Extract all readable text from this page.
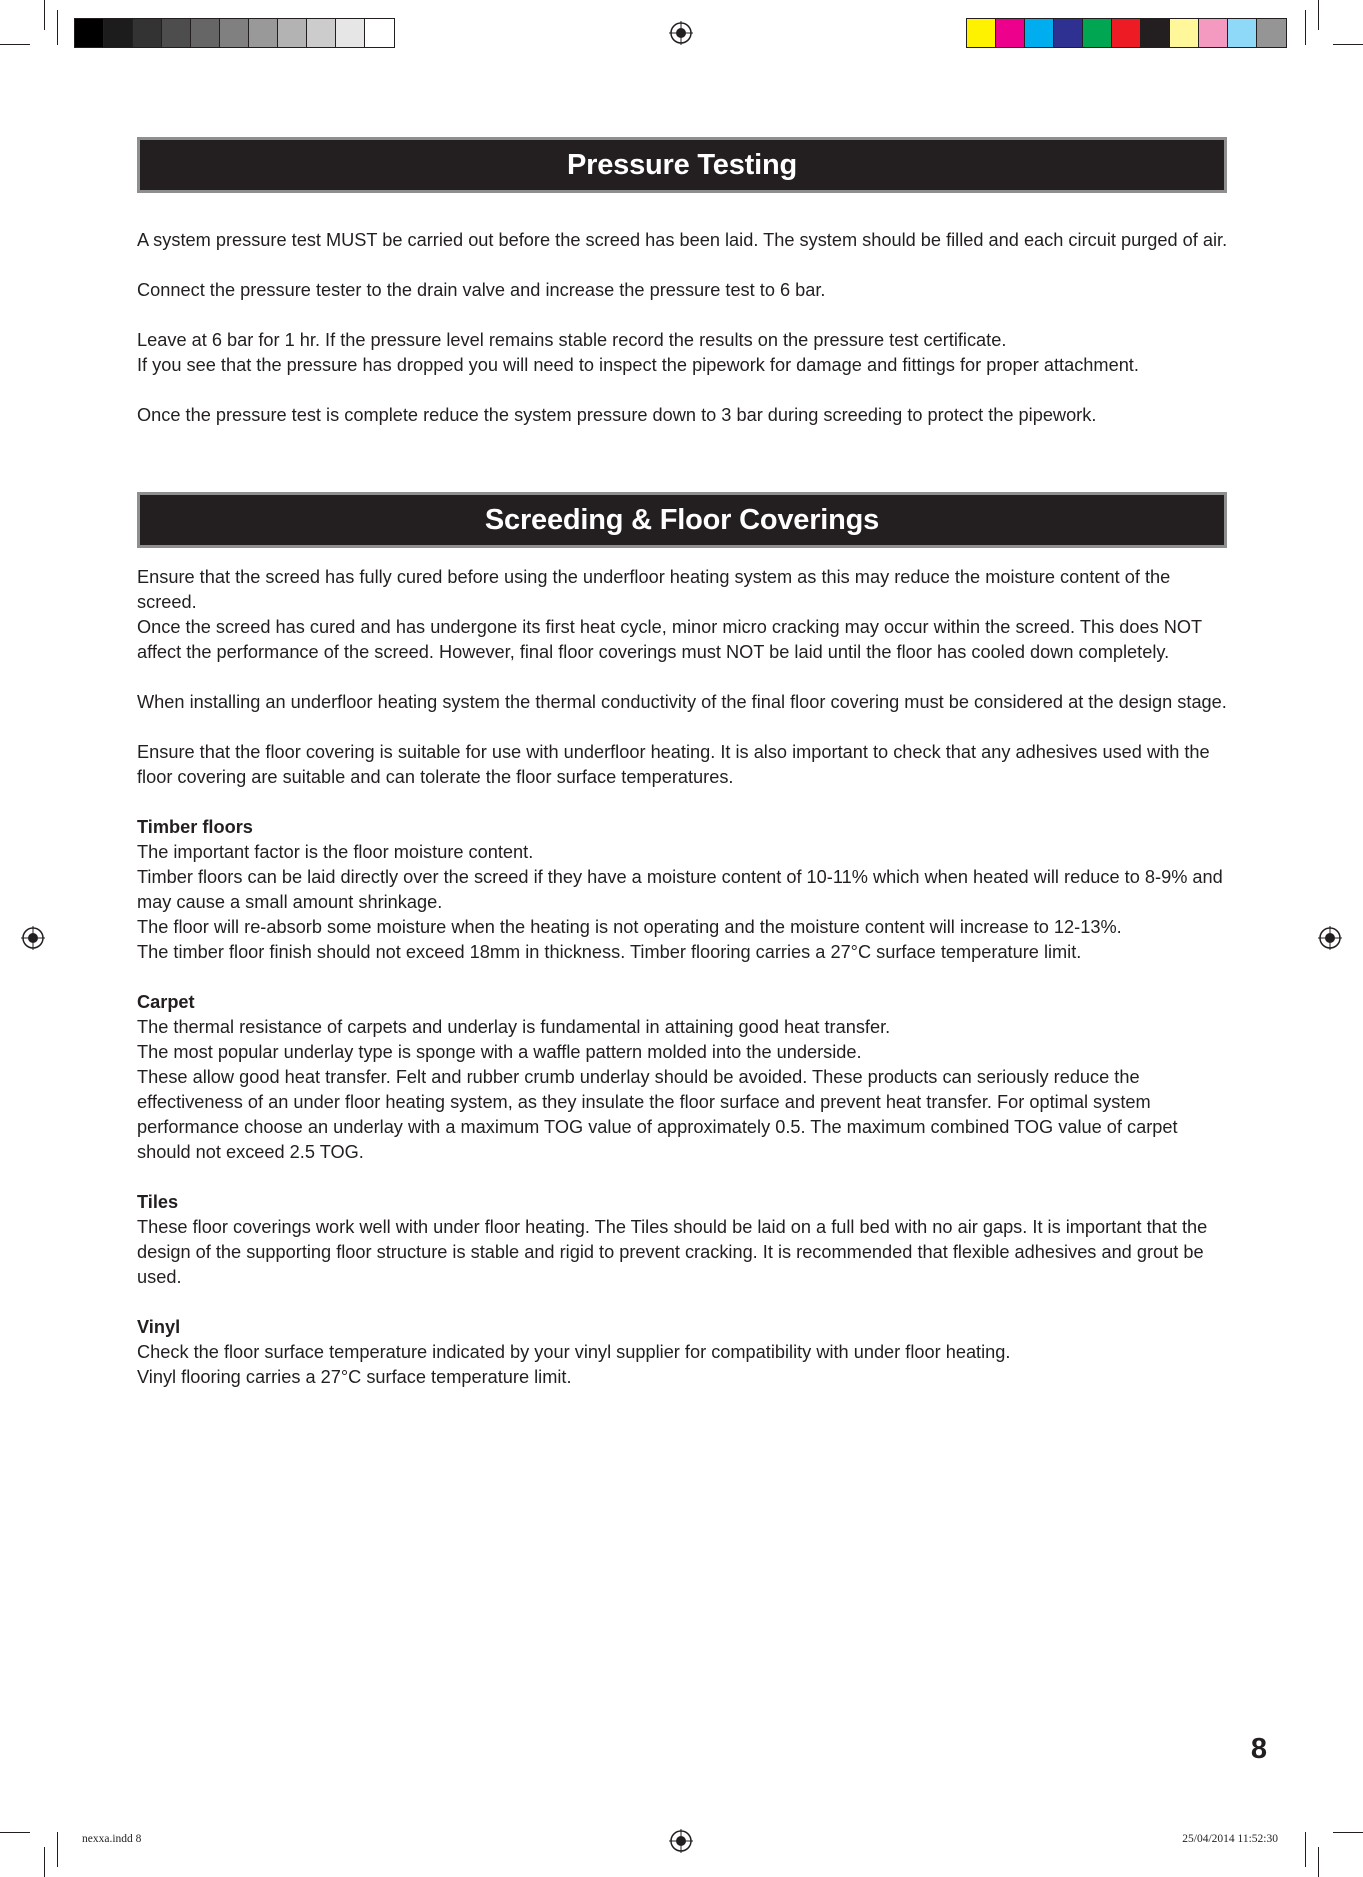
Pressure Testing

A system pressure test MUST be carried out before the screed has been laid. The system should be filled and each circuit purged of air.

Connect the pressure tester to the drain valve and increase the pressure test to 6 bar.

Leave at 6 bar for 1 hr. If the pressure level remains stable record the results on the pressure test certificate.

If you see that the pressure has dropped you will need to inspect the pipework for damage and fittings for proper attachment.

Once the pressure test is complete reduce the system pressure down to 3 bar during screeding to protect the pipework.

Screeding & Floor Coverings

Ensure that the screed has fully cured before using the underfloor heating system as this may reduce the moisture content of the screed.

Once the screed has cured and has undergone its first heat cycle, minor micro cracking may occur within the screed. This does NOT affect the performance of the screed. However, final floor coverings must NOT be laid until the floor has cooled down completely.

When installing an underfloor heating system the thermal conductivity of the final floor covering must be considered at the design stage.

Ensure that the floor covering is suitable for use with underfloor heating. It is also important to check that any adhesives used with the floor covering are suitable and can tolerate the floor surface temperatures.

Timber floors

The important factor is the floor moisture content.

Timber floors can be laid directly over the screed if they have a moisture content of 10-11% which when heated will reduce to 8-9% and may cause a small amount shrinkage.

The floor will re-absorb some moisture when the heating is not operating and the moisture content will increase to 12-13%.

The timber floor finish should not exceed 18mm in thickness. Timber flooring carries a 27°C surface temperature limit.

Carpet

The thermal resistance of carpets and underlay is fundamental in attaining good heat transfer.

The most popular underlay type is sponge with a waffle pattern molded into the underside.

These allow good heat transfer. Felt and rubber crumb underlay should be avoided. These products can seriously reduce the effectiveness of an under floor heating system, as they insulate the floor surface and prevent heat transfer. For optimal system performance choose an underlay with a maximum TOG value of approximately 0.5. The maximum combined TOG value of carpet should not exceed 2.5 TOG.

Tiles

These floor coverings work well with under floor heating. The Tiles should be laid on a full bed with no air gaps. It is important that the design of the supporting floor structure is stable and rigid to prevent cracking. It is recommended that flexible adhesives and grout be used.

Vinyl

Check the floor surface temperature indicated by your vinyl supplier for compatibility with under floor heating.

Vinyl flooring carries a 27°C surface temperature limit.

8
nexxa.indd 8	25/04/2014 11:52:30
